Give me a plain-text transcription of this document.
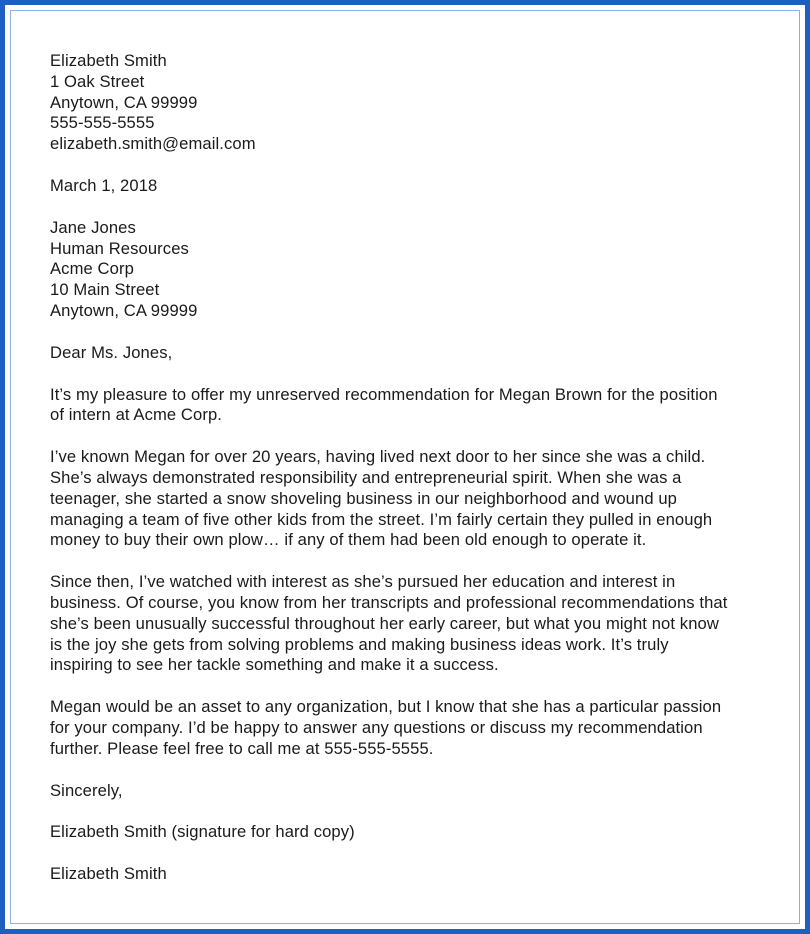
Elizabeth Smith
1 Oak Street
Anytown, CA 99999
555-555-5555
elizabeth.smith@email.com
March 1, 2018
Jane Jones
Human Resources
Acme Corp
10 Main Street
Anytown, CA 99999
Dear Ms. Jones,

It’s my pleasure to offer my unreserved recommendation for Megan Brown for the position
of intern at Acme Corp.

I’ve known Megan for over 20 years, having lived next door to her since she was a child.
She’s always demonstrated responsibility and entrepreneurial spirit. When she was a
teenager, she started a snow shoveling business in our neighborhood and wound up
managing a team of five other kids from the street. I’m fairly certain they pulled in enough
money to buy their own plow… if any of them had been old enough to operate it.

Since then, I’ve watched with interest as she’s pursued her education and interest in
business. Of course, you know from her transcripts and professional recommendations that
she’s been unusually successful throughout her early career, but what you might not know
is the joy she gets from solving problems and making business ideas work. It’s truly
inspiring to see her tackle something and make it a success.

Megan would be an asset to any organization, but I know that she has a particular passion
for your company. I’d be happy to answer any questions or discuss my recommendation
further. Please feel free to call me at 555-555-5555.

Sincerely,
Elizabeth Smith (signature for hard copy)
Elizabeth Smith
